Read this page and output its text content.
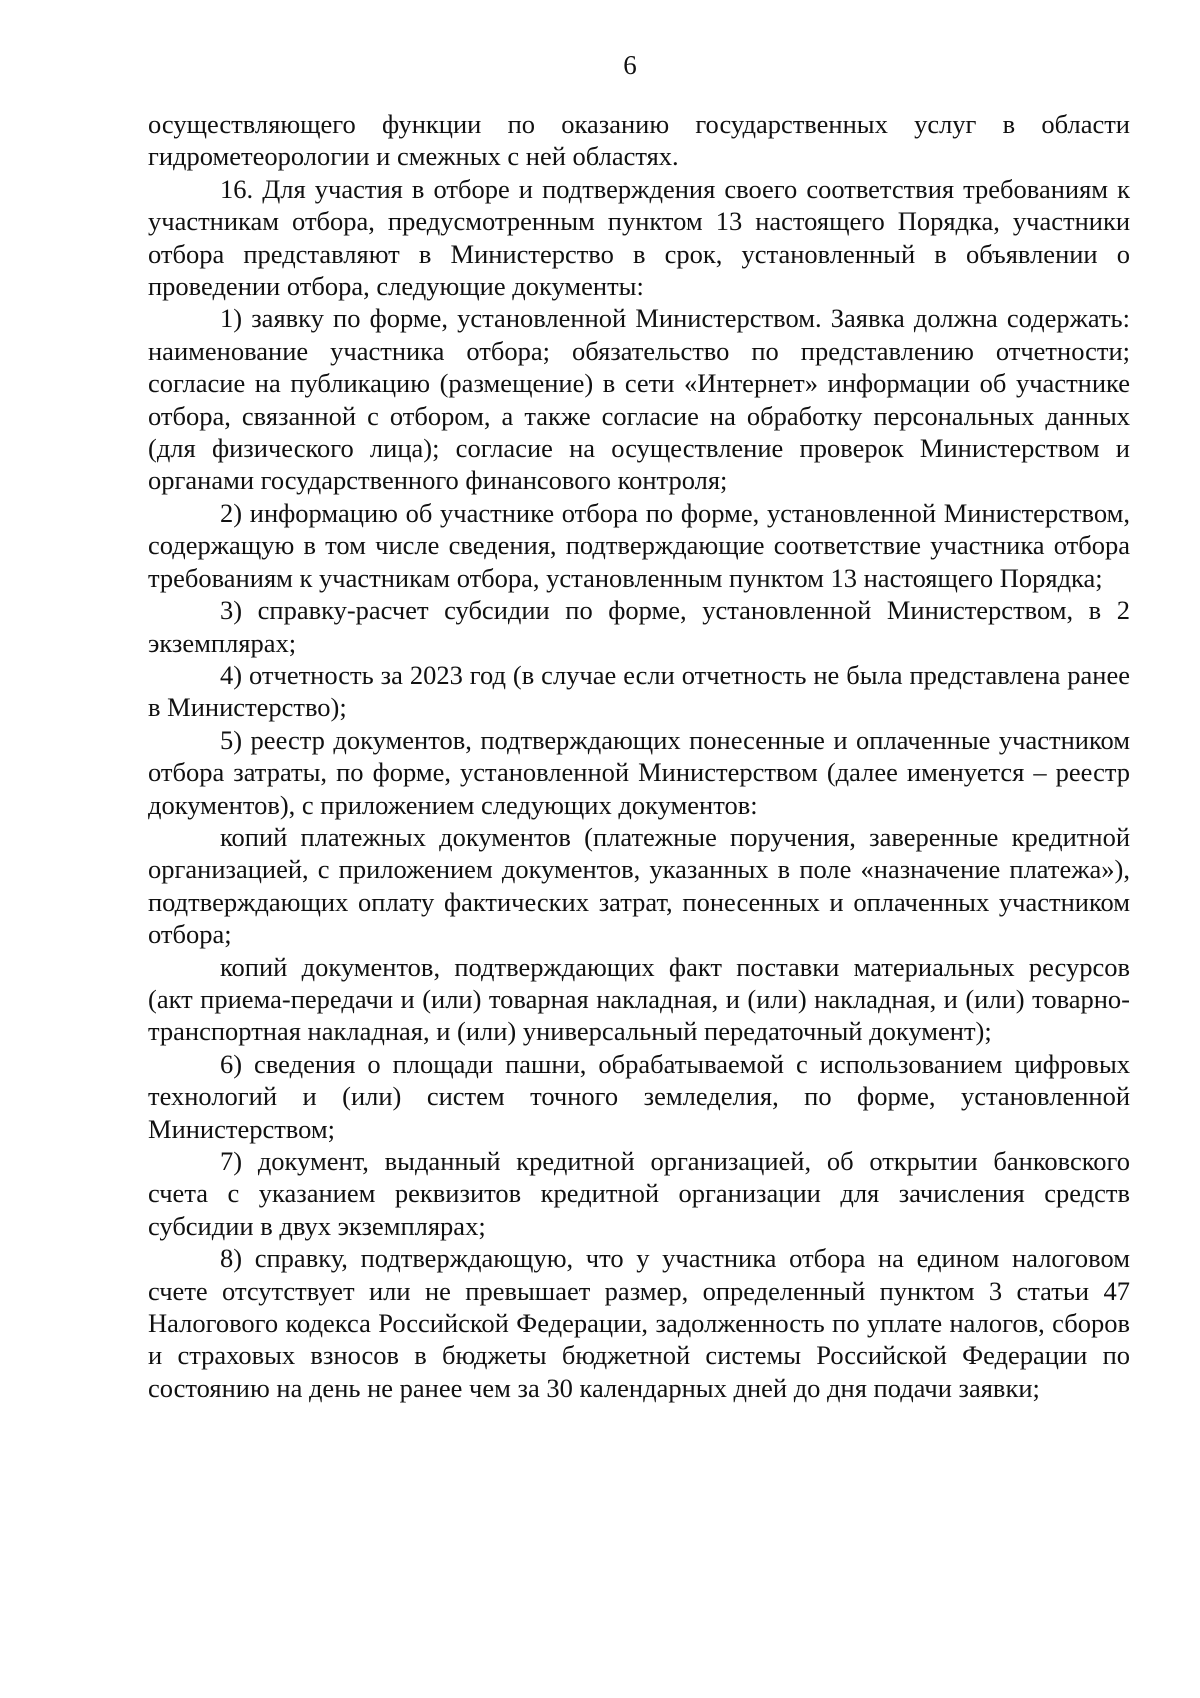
6

осуществляющего функции по оказанию государственных услуг в области гидрометеорологии и смежных с ней областях.

16. Для участия в отборе и подтверждения своего соответствия требованиям к участникам отбора, предусмотренным пунктом 13 настоящего Порядка, участники отбора представляют в Министерство в срок, установленный в объявлении о проведении отбора, следующие документы:

1) заявку по форме, установленной Министерством. Заявка должна содержать: наименование участника отбора; обязательство по представлению отчетности; согласие на публикацию (размещение) в сети «Интернет» информации об участнике отбора, связанной с отбором, а также согласие на обработку персональных данных (для физического лица); согласие на осуществление проверок Министерством и органами государственного финансового контроля;

2) информацию об участнике отбора по форме, установленной Министерством, содержащую в том числе сведения, подтверждающие соответствие участника отбора требованиям к участникам отбора, установленным пунктом 13 настоящего Порядка;

3) справку-расчет субсидии по форме, установленной Министерством, в 2 экземплярах;

4) отчетность за 2023 год (в случае если отчетность не была представлена ранее в Министерство);

5) реестр документов, подтверждающих понесенные и оплаченные участником отбора затраты, по форме, установленной Министерством (далее именуется – реестр документов), с приложением следующих документов:

копий платежных документов (платежные поручения, заверенные кредитной организацией, с приложением документов, указанных в поле «назначение платежа»), подтверждающих оплату фактических затрат, понесенных и оплаченных участником отбора;

копий документов, подтверждающих факт поставки материальных ресурсов (акт приема-передачи и (или) товарная накладная, и (или) накладная, и (или) товарно-транспортная накладная, и (или) универсальный передаточный документ);

6) сведения о площади пашни, обрабатываемой с использованием цифровых технологий и (или) систем точного земледелия, по форме, установленной Министерством;

7) документ, выданный кредитной организацией, об открытии банковского счета с указанием реквизитов кредитной организации для зачисления средств субсидии в двух экземплярах;

8) справку, подтверждающую, что у участника отбора на едином налоговом счете отсутствует или не превышает размер, определенный пунктом 3 статьи 47 Налогового кодекса Российской Федерации, задолженность по уплате налогов, сборов и страховых взносов в бюджеты бюджетной системы Российской Федерации по состоянию на день не ранее чем за 30 календарных дней до дня подачи заявки;
